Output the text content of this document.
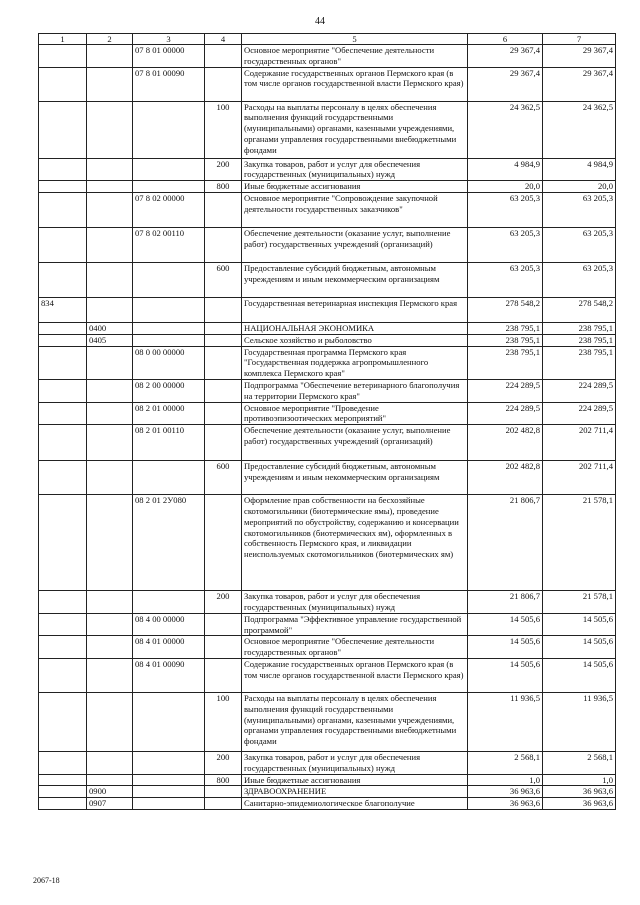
44
1	2	3	4	5	6	7
		07 8 01 00000		Основное мероприятие "Обеспечение деятельности государственных органов"	29 367,4	29 367,4
		07 8 01 00090		Содержание государственных органов Пермского края (в том числе органов государственной власти Пермского края)	29 367,4	29 367,4
			100	Расходы на выплаты персоналу в целях обеспечения выполнения функций государственными (муниципальными) органами, казенными учреждениями, органами управления государственными внебюджетными фондами	24 362,5	24 362,5
			200	Закупка товаров, работ и услуг для обеспечения государственных (муниципальных) нужд	4 984,9	4 984,9
			800	Иные бюджетные ассигнования	20,0	20,0
		07 8 02 00000		Основное мероприятие "Сопровождение закупочной деятельности государственных заказчиков"	63 205,3	63 205,3
		07 8 02 00110		Обеспечение деятельности (оказание услуг, выполнение работ) государственных учреждений (организаций)	63 205,3	63 205,3
			600	Предоставление субсидий бюджетным, автономным учреждениям и иным некоммерческим организациям	63 205,3	63 205,3
834				Государственная ветеринарная инспекция Пермского края	278 548,2	278 548,2
	0400			НАЦИОНАЛЬНАЯ ЭКОНОМИКА	238 795,1	238 795,1
	0405			Сельское хозяйство и рыболовство	238 795,1	238 795,1
		08 0 00 00000		Государственная программа Пермского края "Государственная поддержка агропромышленного комплекса Пермского края"	238 795,1	238 795,1
		08 2 00 00000		Подпрограмма "Обеспечение ветеринарного благополучия на территории Пермского края"	224 289,5	224 289,5
		08 2 01 00000		Основное мероприятие "Проведение противоэпизоотических мероприятий"	224 289,5	224 289,5
		08 2 01 00110		Обеспечение деятельности (оказание услуг, выполнение работ) государственных учреждений (организаций)	202 482,8	202 711,4
			600	Предоставление субсидий бюджетным, автономным учреждениям и иным некоммерческим организациям	202 482,8	202 711,4
		08 2 01 2У080		Оформление прав собственности на бесхозяйные скотомогильники (биотермические ямы), проведение мероприятий по обустройству, содержанию и консервации скотомогильников (биотермических ям), оформленных в собственность Пермского края, и ликвидации неиспользуемых скотомогильников (биотермических ям)	21 806,7	21 578,1
			200	Закупка товаров, работ и услуг для обеспечения государственных (муниципальных) нужд	21 806,7	21 578,1
		08 4 00 00000		Подпрограмма "Эффективное управление государственной программой"	14 505,6	14 505,6
		08 4 01 00000		Основное мероприятие "Обеспечение деятельности государственных органов"	14 505,6	14 505,6
		08 4 01 00090		Содержание государственных органов Пермского края (в том числе органов государственной власти Пермского края)	14 505,6	14 505,6
			100	Расходы на выплаты персоналу в целях обеспечения выполнения функций государственными (муниципальными) органами, казенными учреждениями, органами управления государственными внебюджетными фондами	11 936,5	11 936,5
			200	Закупка товаров, работ и услуг для обеспечения государственных (муниципальных) нужд	2 568,1	2 568,1
			800	Иные бюджетные ассигнования	1,0	1,0
	0900			ЗДРАВООХРАНЕНИЕ	36 963,6	36 963,6
	0907			Санитарно-эпидемиологическое благополучие	36 963,6	36 963,6
2067-18
